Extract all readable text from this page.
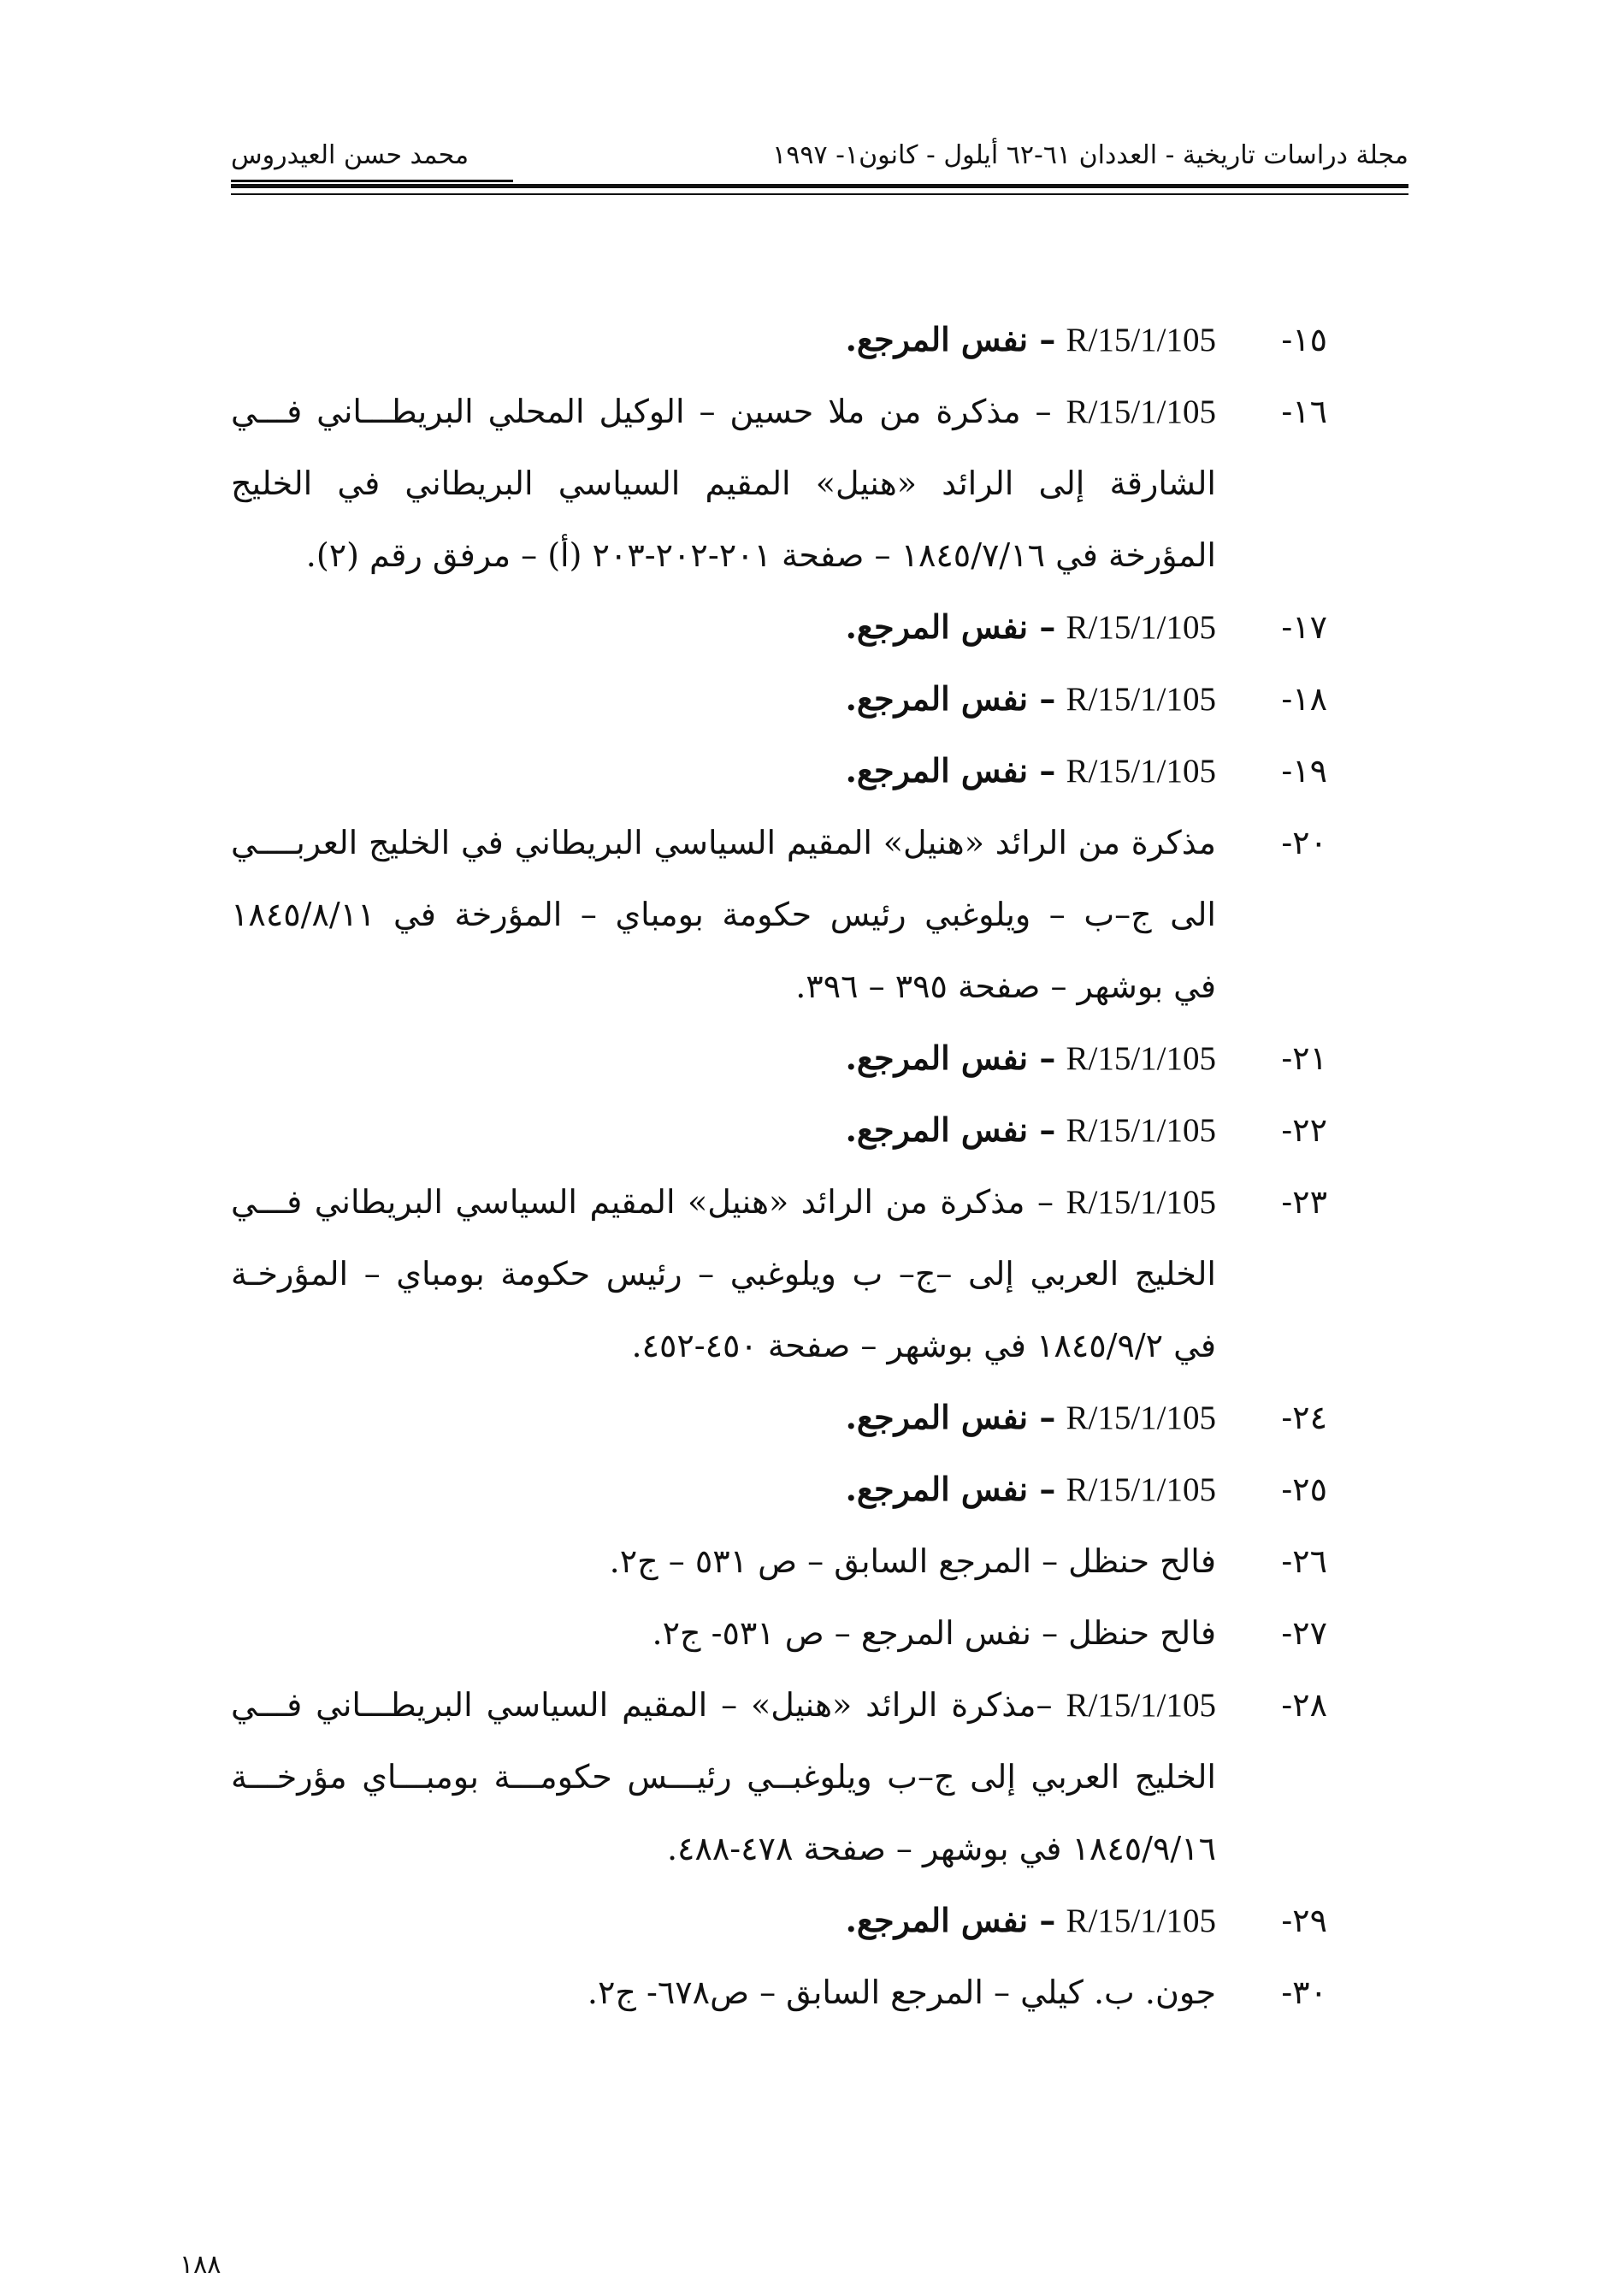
مجلة دراسات تاريخية - العددان ٦١-٦٢ أيلول - كانون١- ١٩٩٧
محمد حسن العيدروس
١٥-
R/15/1/105 – نفس المرجع.
١٦-
R/15/1/105 – مذكرة من ملا حسين – الوكيل المحلي البريطـــاني فـــي
الشارقة إلى الرائد «هنيل» المقيم السياسي البريطاني في الخليج
المؤرخة في ١٨٤٥/٧/١٦ – صفحة ٢٠١-٢٠٢-٢٠٣ (أ) – مرفق رقم (٢).
١٧-
R/15/1/105 – نفس المرجع.
١٨-
R/15/1/105 – نفس المرجع.
١٩-
R/15/1/105 – نفس المرجع.
٢٠-
مذكرة من الرائد «هنيل» المقيم السياسي البريطاني في الخليج العربــــي
الى ج–ب – ويلوغبي رئيس حكومة بومباي – المؤرخة في ١٨٤٥/٨/١١
في بوشهر – صفحة ٣٩٥ – ٣٩٦.
٢١-
R/15/1/105 – نفس المرجع.
٢٢-
R/15/1/105 – نفس المرجع.
٢٣-
R/15/1/105 – مذكرة من الرائد «هنيل» المقيم السياسي البريطاني فـــي
الخليج العربي إلى –ج– ب ويلوغبي – رئيس حكومة بومباي – المؤرخـة
في ١٨٤٥/٩/٢ في بوشهر – صفحة ٤٥٠-٤٥٢.
٢٤-
R/15/1/105 – نفس المرجع.
٢٥-
R/15/1/105 – نفس المرجع.
٢٦-
فالح حنظل – المرجع السابق – ص ٥٣١ – ج٢.
٢٧-
فالح حنظل – نفس المرجع – ص ٥٣١- ج٢.
٢٨-
R/15/1/105 –مذكرة الرائد «هنيل» – المقيم السياسي البريطـــاني فـــي
الخليج العربي إلى ج–ب ويلوغبــي رئيـــس حكومـــة بومبـــاي مؤرخـــة
١٨٤٥/٩/١٦ في بوشهر – صفحة ٤٧٨-٤٨٨.
٢٩-
R/15/1/105 – نفس المرجع.
٣٠-
جون. ب. كيلي – المرجع السابق – ص٦٧٨- ج٢.
١٨٨
